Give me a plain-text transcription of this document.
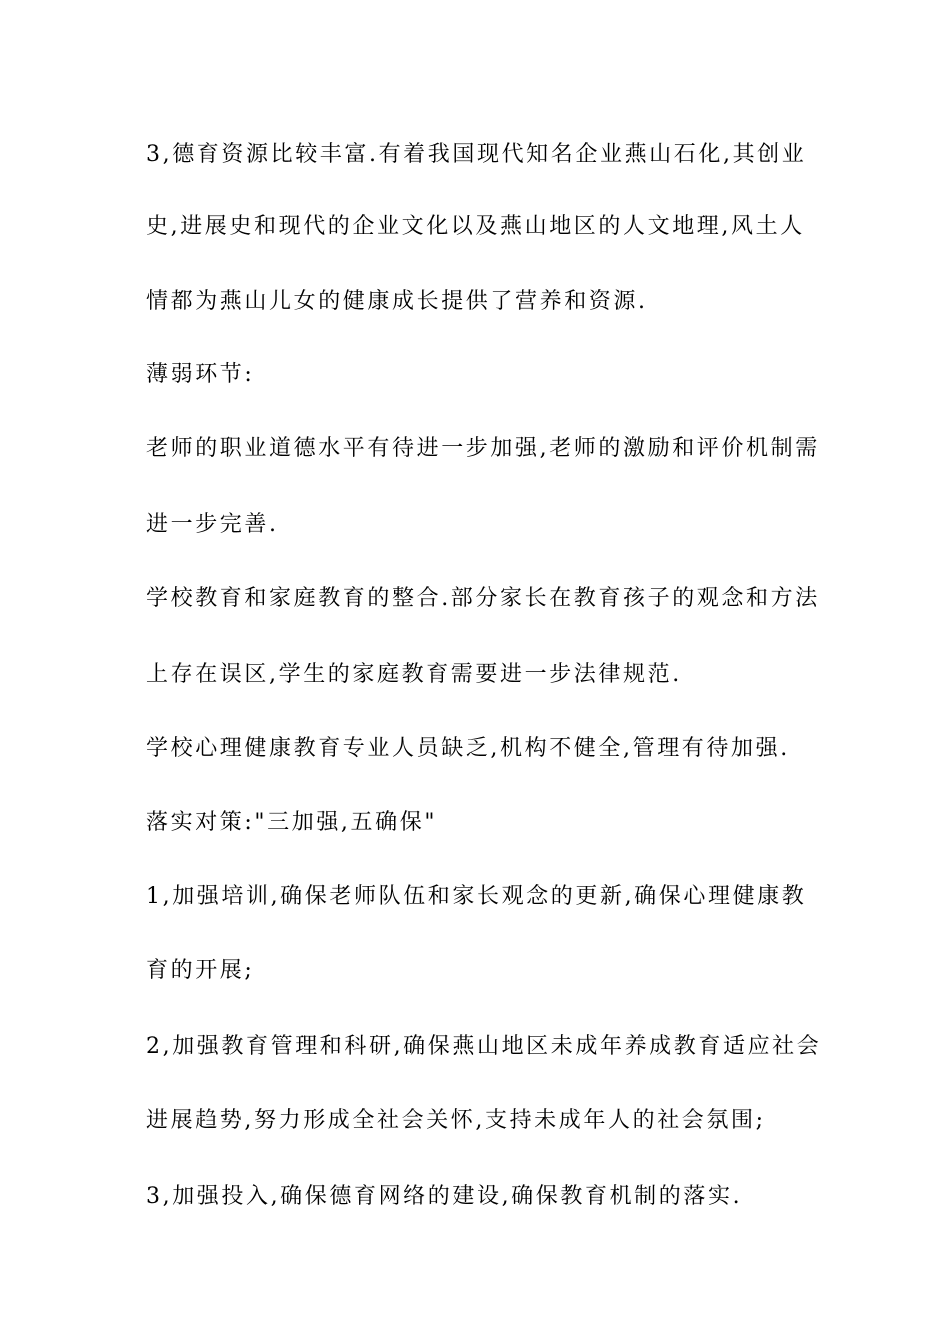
3,德育资源比较丰富.有着我国现代知名企业燕山石化,其创业
史,进展史和现代的企业文化以及燕山地区的人文地理,风土人
情都为燕山儿女的健康成长提供了营养和资源.
薄弱环节:
老师的职业道德水平有待进一步加强,老师的激励和评价机制需
进一步完善.
学校教育和家庭教育的整合.部分家长在教育孩子的观念和方法
上存在误区,学生的家庭教育需要进一步法律规范.
学校心理健康教育专业人员缺乏,机构不健全,管理有待加强.
落实对策:"三加强,五确保"
1,加强培训,确保老师队伍和家长观念的更新,确保心理健康教
育的开展;
2,加强教育管理和科研,确保燕山地区未成年养成教育适应社会
进展趋势,努力形成全社会关怀,支持未成年人的社会氛围;
3,加强投入,确保德育网络的建设,确保教育机制的落实.
